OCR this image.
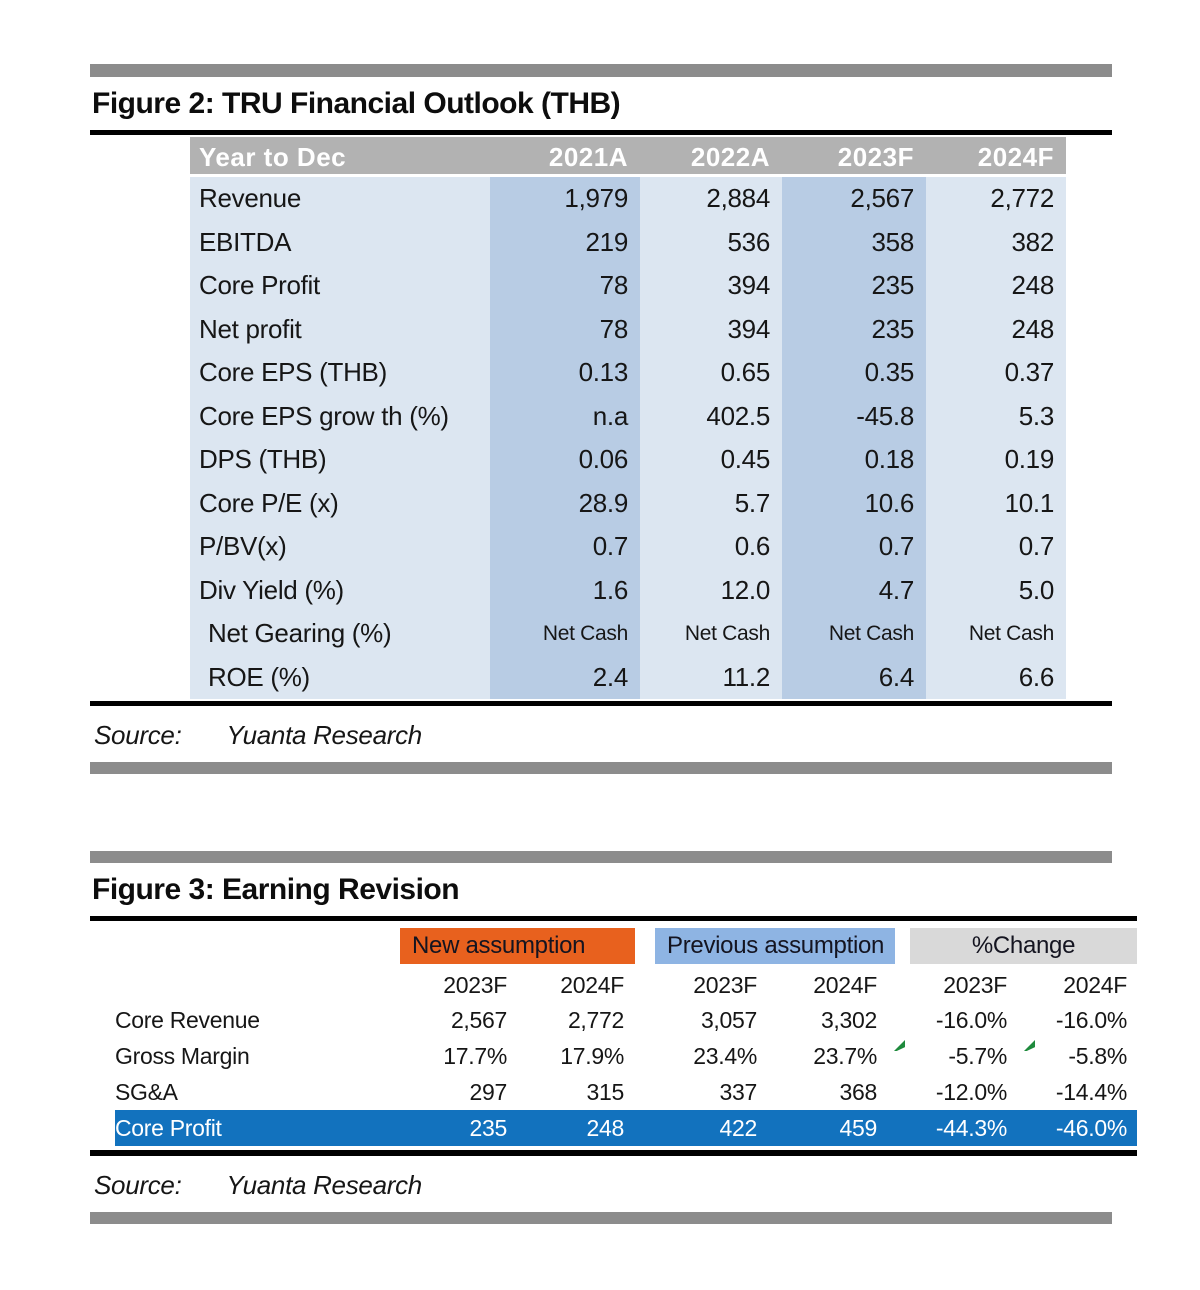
Figure 2: TRU Financial Outlook (THB)
Year to Dec	2021A	2022A	2023F	2024F
Revenue	1,979	2,884	2,567	2,772
EBITDA	219	536	358	382
Core Profit	78	394	235	248
Net profit	78	394	235	248
Core EPS (THB)	0.13	0.65	0.35	0.37
Core EPS grow th (%)	n.a	402.5	-45.8	5.3
DPS (THB)	0.06	0.45	0.18	0.19
Core P/E (x)	28.9	5.7	10.6	10.1
P/BV(x)	0.7	0.6	0.7	0.7
Div Yield (%)	1.6	12.0	4.7	5.0
Net Gearing (%)	Net Cash	Net Cash	Net Cash	Net Cash
ROE (%)	2.4	11.2	6.4	6.6
Source: Yuanta Research
Figure 3: Earning Revision
New assumption	Previous assumption	%Change
2023F	2024F	2023F	2024F	2023F	2024F
Core Revenue	2,567	2,772	3,057	3,302	-16.0%	-16.0%
Gross Margin	17.7%	17.9%	23.4%	23.7%	-5.7%	-5.8%
SG&A	297	315	337	368	-12.0%	-14.4%
Core Profit	235	248	422	459	-44.3%	-46.0%
Source: Yuanta Research
